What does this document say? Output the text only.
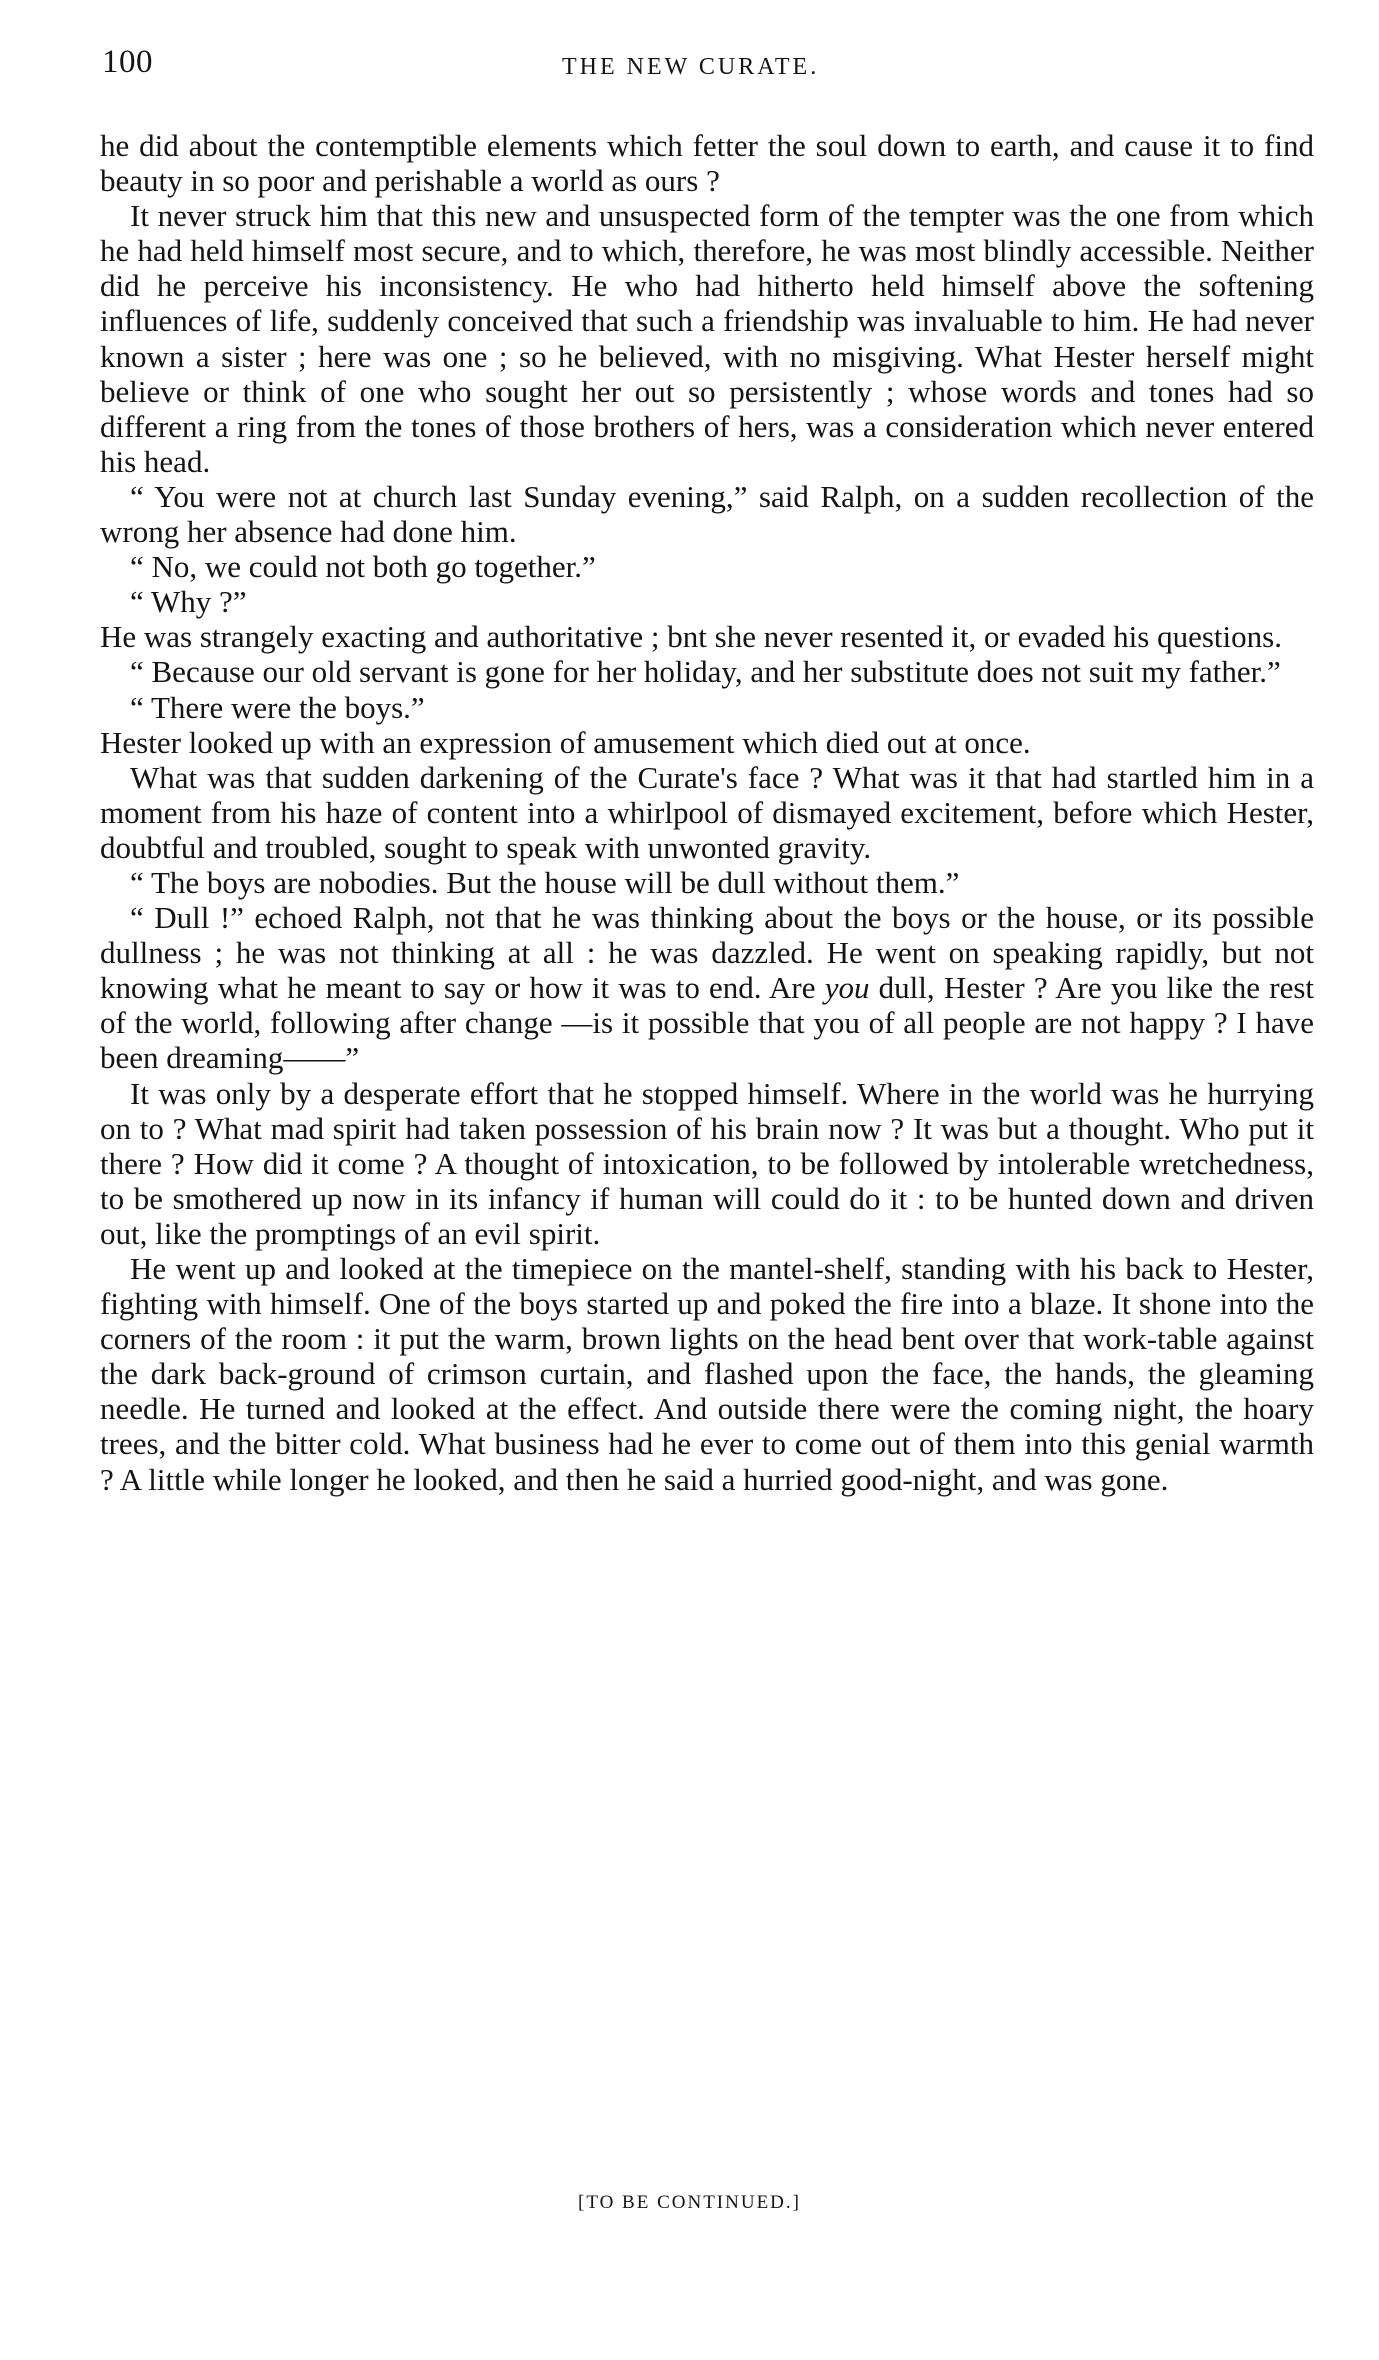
100	THE NEW CURATE.

he did about the contemptible elements which fetter the soul down to earth, and cause it to find beauty in so poor and perishable a world as ours ?

It never struck him that this new and unsuspected form of the tempter was the one from which he had held himself most secure, and to which, therefore, he was most blindly accessible. Neither did he perceive his inconsistency. He who had hitherto held himself above the softening influences of life, suddenly conceived that such a friendship was invaluable to him. He had never known a sister ; here was one ; so he believed, with no misgiving. What Hester herself might believe or think of one who sought her out so persistently ; whose words and tones had so different a ring from the tones of those brothers of hers, was a consideration which never entered his head.

“ You were not at church last Sunday evening,” said Ralph, on a sudden recollection of the wrong her absence had done him.

“ No, we could not both go together.”

“ Why ?”

He was strangely exacting and authoritative ; bnt she never resented it, or evaded his questions.

“ Because our old servant is gone for her holiday, and her substitute does not suit my father.”

“ There were the boys.”

Hester looked up with an expression of amusement which died out at once.

What was that sudden darkening of the Curate's face ? What was it that had startled him in a moment from his haze of content into a whirlpool of dismayed excitement, before which Hester, doubtful and troubled, sought to speak with unwonted gravity.

“ The boys are nobodies. But the house will be dull without them.”

“ Dull !” echoed Ralph, not that he was thinking about the boys or the house, or its possible dullness ; he was not thinking at all : he was dazzled. He went on speaking rapidly, but not knowing what he meant to say or how it was to end. Are you dull, Hester ? Are you like the rest of the world, following after change —is it possible that you of all people are not happy ? I have been dreaming——”

It was only by a desperate effort that he stopped himself. Where in the world was he hurrying on to ? What mad spirit had taken possession of his brain now ? It was but a thought. Who put it there ? How did it come ? A thought of intoxication, to be followed by intolerable wretchedness, to be smothered up now in its infancy if human will could do it : to be hunted down and driven out, like the promptings of an evil spirit.

He went up and looked at the timepiece on the mantel-shelf, standing with his back to Hester, fighting with himself. One of the boys started up and poked the fire into a blaze. It shone into the corners of the room : it put the warm, brown lights on the head bent over that work-table against the dark back-ground of crimson curtain, and flashed upon the face, the hands, the gleaming needle. He turned and looked at the effect. And outside there were the coming night, the hoary trees, and the bitter cold. What business had he ever to come out of them into this genial warmth ? A little while longer he looked, and then he said a hurried good-night, and was gone.

[TO BE CONTINUED.]
